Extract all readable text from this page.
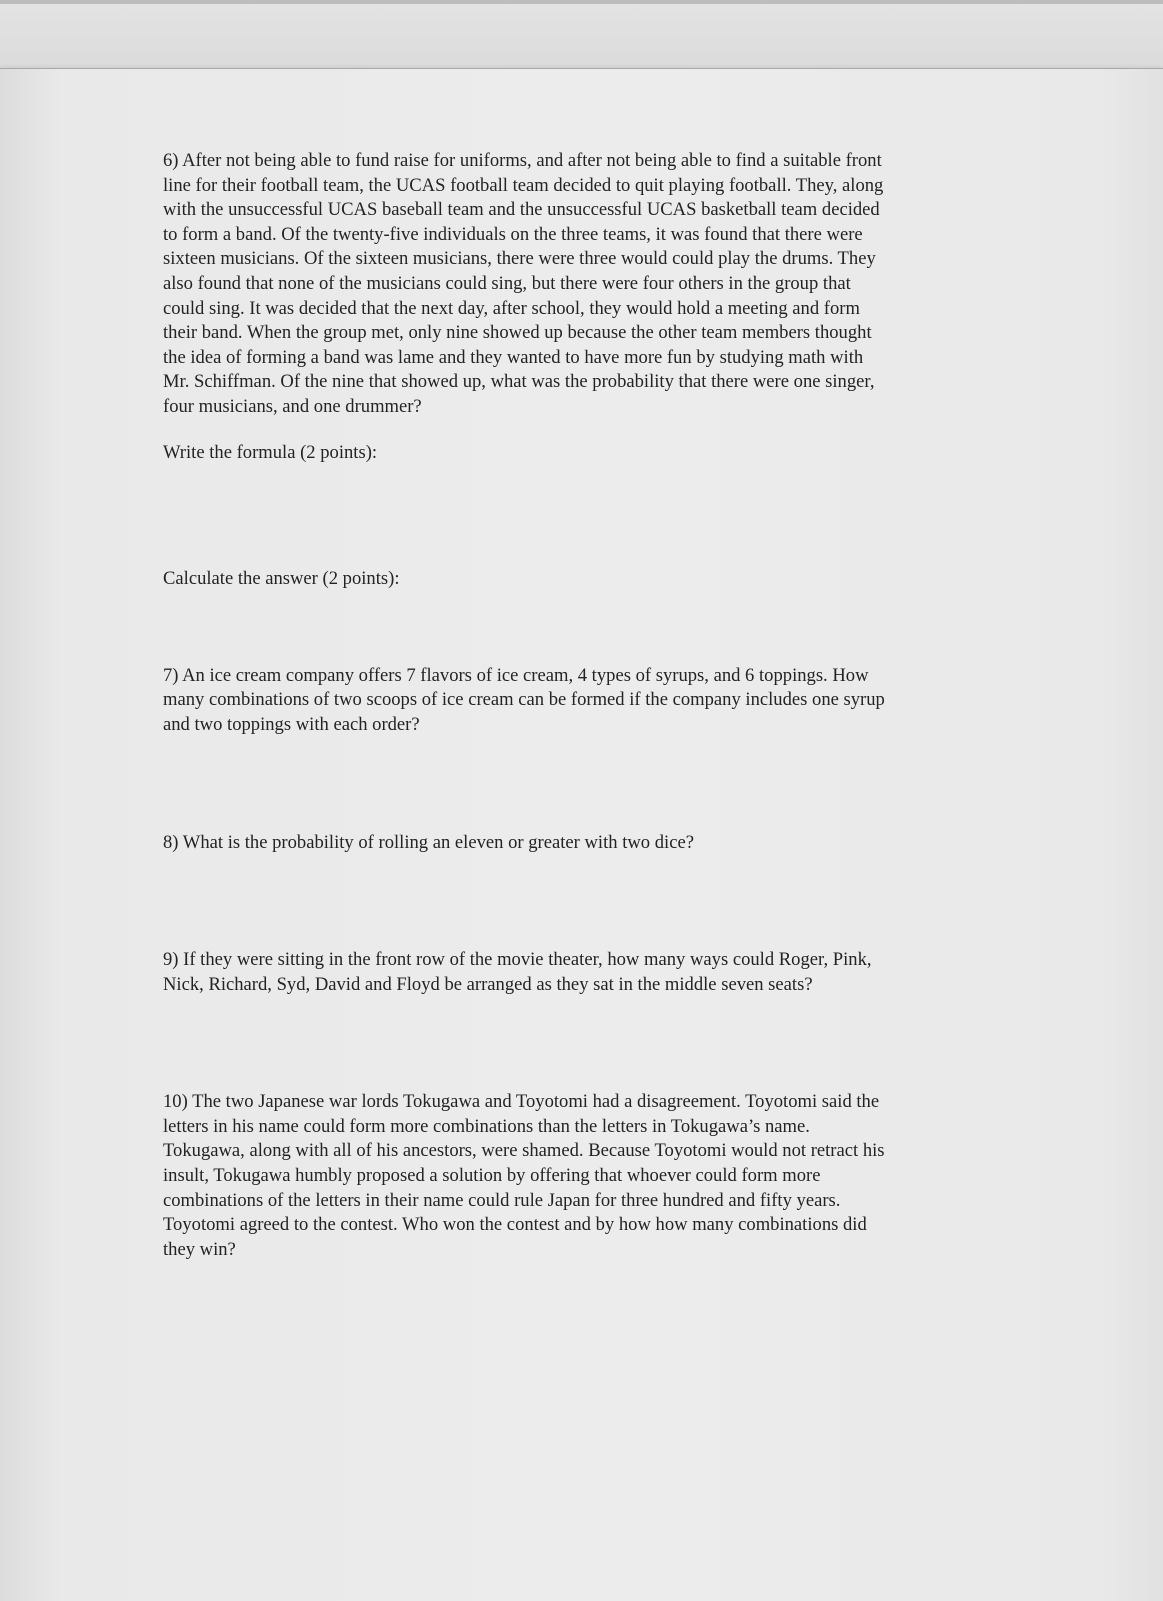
6) After not being able to fund raise for uniforms, and after not being able to find a suitable front
line for their football team, the UCAS football team decided to quit playing football. They, along
with the unsuccessful UCAS baseball team and the unsuccessful UCAS basketball team decided
to form a band. Of the twenty-five individuals on the three teams, it was found that there were
sixteen musicians. Of the sixteen musicians, there were three would could play the drums. They
also found that none of the musicians could sing, but there were four others in the group that
could sing. It was decided that the next day, after school, they would hold a meeting and form
their band. When the group met, only nine showed up because the other team members thought
the idea of forming a band was lame and they wanted to have more fun by studying math with
Mr. Schiffman. Of the nine that showed up, what was the probability that there were one singer,
four musicians, and one drummer?

Write the formula (2 points):

Calculate the answer (2 points):

7) An ice cream company offers 7 flavors of ice cream, 4 types of syrups, and 6 toppings. How
many combinations of two scoops of ice cream can be formed if the company includes one syrup
and two toppings with each order?

8) What is the probability of rolling an eleven or greater with two dice?

9) If they were sitting in the front row of the movie theater, how many ways could Roger, Pink,
Nick, Richard, Syd, David and Floyd be arranged as they sat in the middle seven seats?

10) The two Japanese war lords Tokugawa and Toyotomi had a disagreement. Toyotomi said the
letters in his name could form more combinations than the letters in Tokugawa’s name.
Tokugawa, along with all of his ancestors, were shamed. Because Toyotomi would not retract his
insult, Tokugawa humbly proposed a solution by offering that whoever could form more
combinations of the letters in their name could rule Japan for three hundred and fifty years.
Toyotomi agreed to the contest. Who won the contest and by how how many combinations did
they win?
